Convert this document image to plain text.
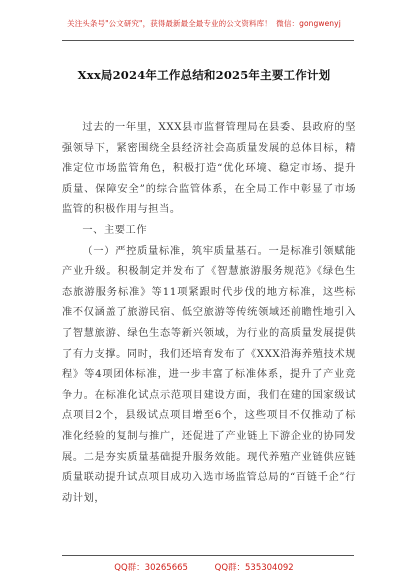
关注头条号"公文研究"，获得最新最全最专业的公文资料库！ 微信：gongwenyj
Xxx局2024年工作总结和2025年主要工作计划

过去的一年里，XXX县市监督管理局在县委、县政府的坚强领导下，紧密围绕全县经济社会高质量发展的总体目标，精准定位市场监管角色，积极打造“优化环境、稳定市场、提升质量、保障安全”的综合监管体系，在全局工作中彰显了市场监管的积极作用与担当。

一、主要工作

（一）严控质量标准，筑牢质量基石。一是标准引领赋能产业升级。积极制定并发布了《智慧旅游服务规范》《绿色生态旅游服务标准》等11项紧跟时代步伐的地方标准，这些标准不仅涵盖了旅游民宿、低空旅游等传统领域还前瞻性地引入了智慧旅游、绿色生态等新兴领域，为行业的高质量发展提供了有力支撑。同时，我们还培育发布了《XXX沿海养殖技术规程》等4项团体标准，进一步丰富了标准体系，提升了产业竞争力。在标准化试点示范项目建设方面，我们在建的国家级试点项目2个，县级试点项目增至6个，这些项目不仅推动了标准化经验的复制与推广，还促进了产业链上下游企业的协同发展。二是夯实质量基础提升服务效能。现代养殖产业链供应链质量联动提升试点项目成功入选市场监管总局的“百链千企”行动计划，

QQ群：30265665	QQ群：535304092
